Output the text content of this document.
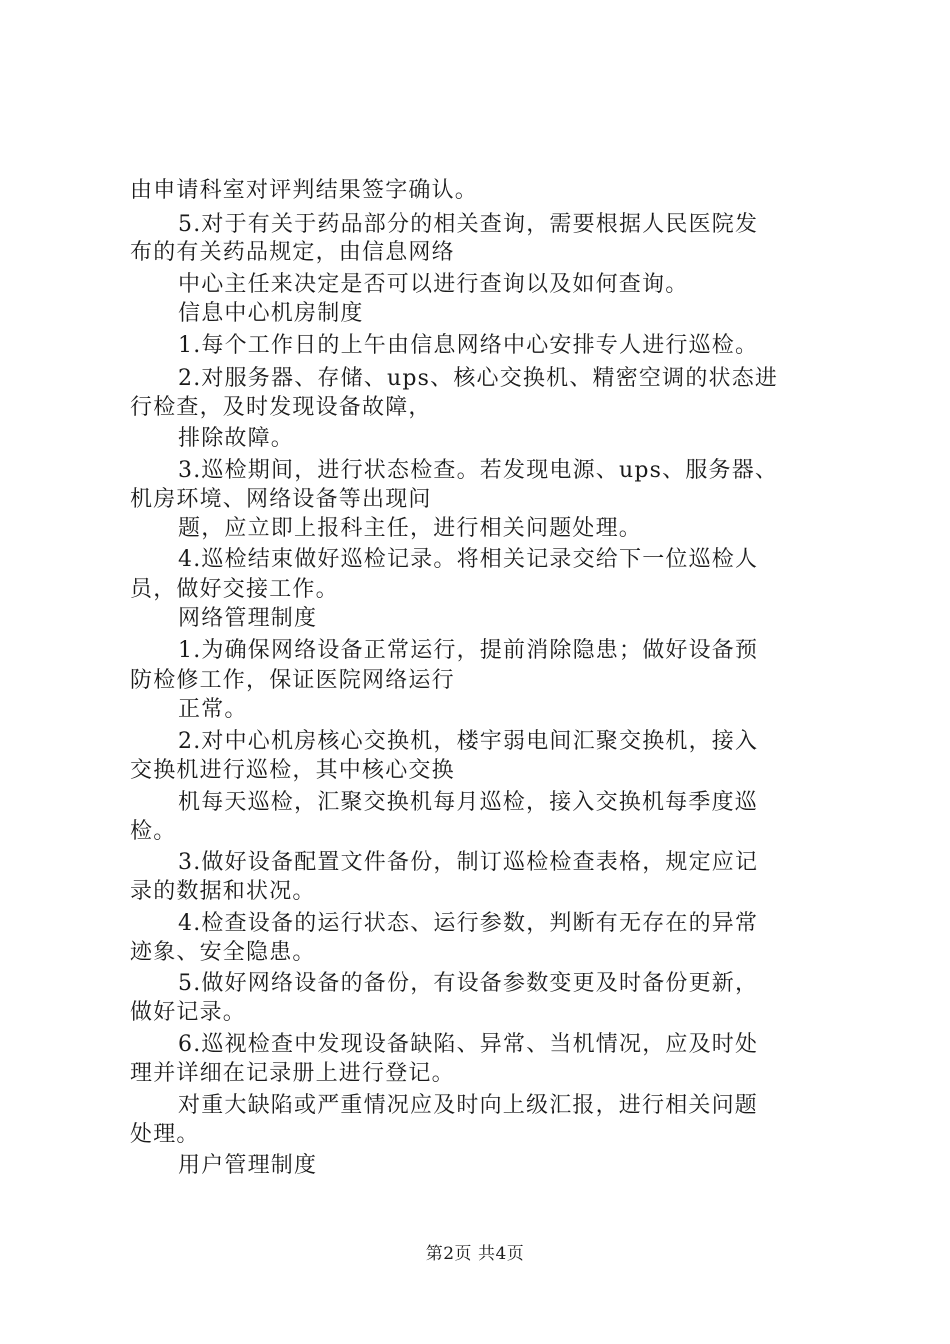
由申请科室对评判结果签字确认。
5.对于有关于药品部分的相关查询，需要根据人民医院发
布的有关药品规定，由信息网络
中心主任来决定是否可以进行查询以及如何查询。
信息中心机房制度
1.每个工作日的上午由信息网络中心安排专人进行巡检。
2.对服务器、存储、ups、核心交换机、精密空调的状态进
行检查，及时发现设备故障，
排除故障。
3.巡检期间，进行状态检查。若发现电源、ups、服务器、
机房环境、网络设备等出现问
题，应立即上报科主任，进行相关问题处理。
4.巡检结束做好巡检记录。将相关记录交给下一位巡检人
员，做好交接工作。
网络管理制度
1.为确保网络设备正常运行，提前消除隐患；做好设备预
防检修工作，保证医院网络运行
正常。
2.对中心机房核心交换机，楼宇弱电间汇聚交换机，接入
交换机进行巡检，其中核心交换
机每天巡检，汇聚交换机每月巡检，接入交换机每季度巡
检。
3.做好设备配置文件备份，制订巡检检查表格，规定应记
录的数据和状况。
4.检查设备的运行状态、运行参数，判断有无存在的异常
迹象、安全隐患。
5.做好网络设备的备份，有设备参数变更及时备份更新，
做好记录。
6.巡视检查中发现设备缺陷、异常、当机情况，应及时处
理并详细在记录册上进行登记。
对重大缺陷或严重情况应及时向上级汇报，进行相关问题
处理。
用户管理制度
第2页 共4页
